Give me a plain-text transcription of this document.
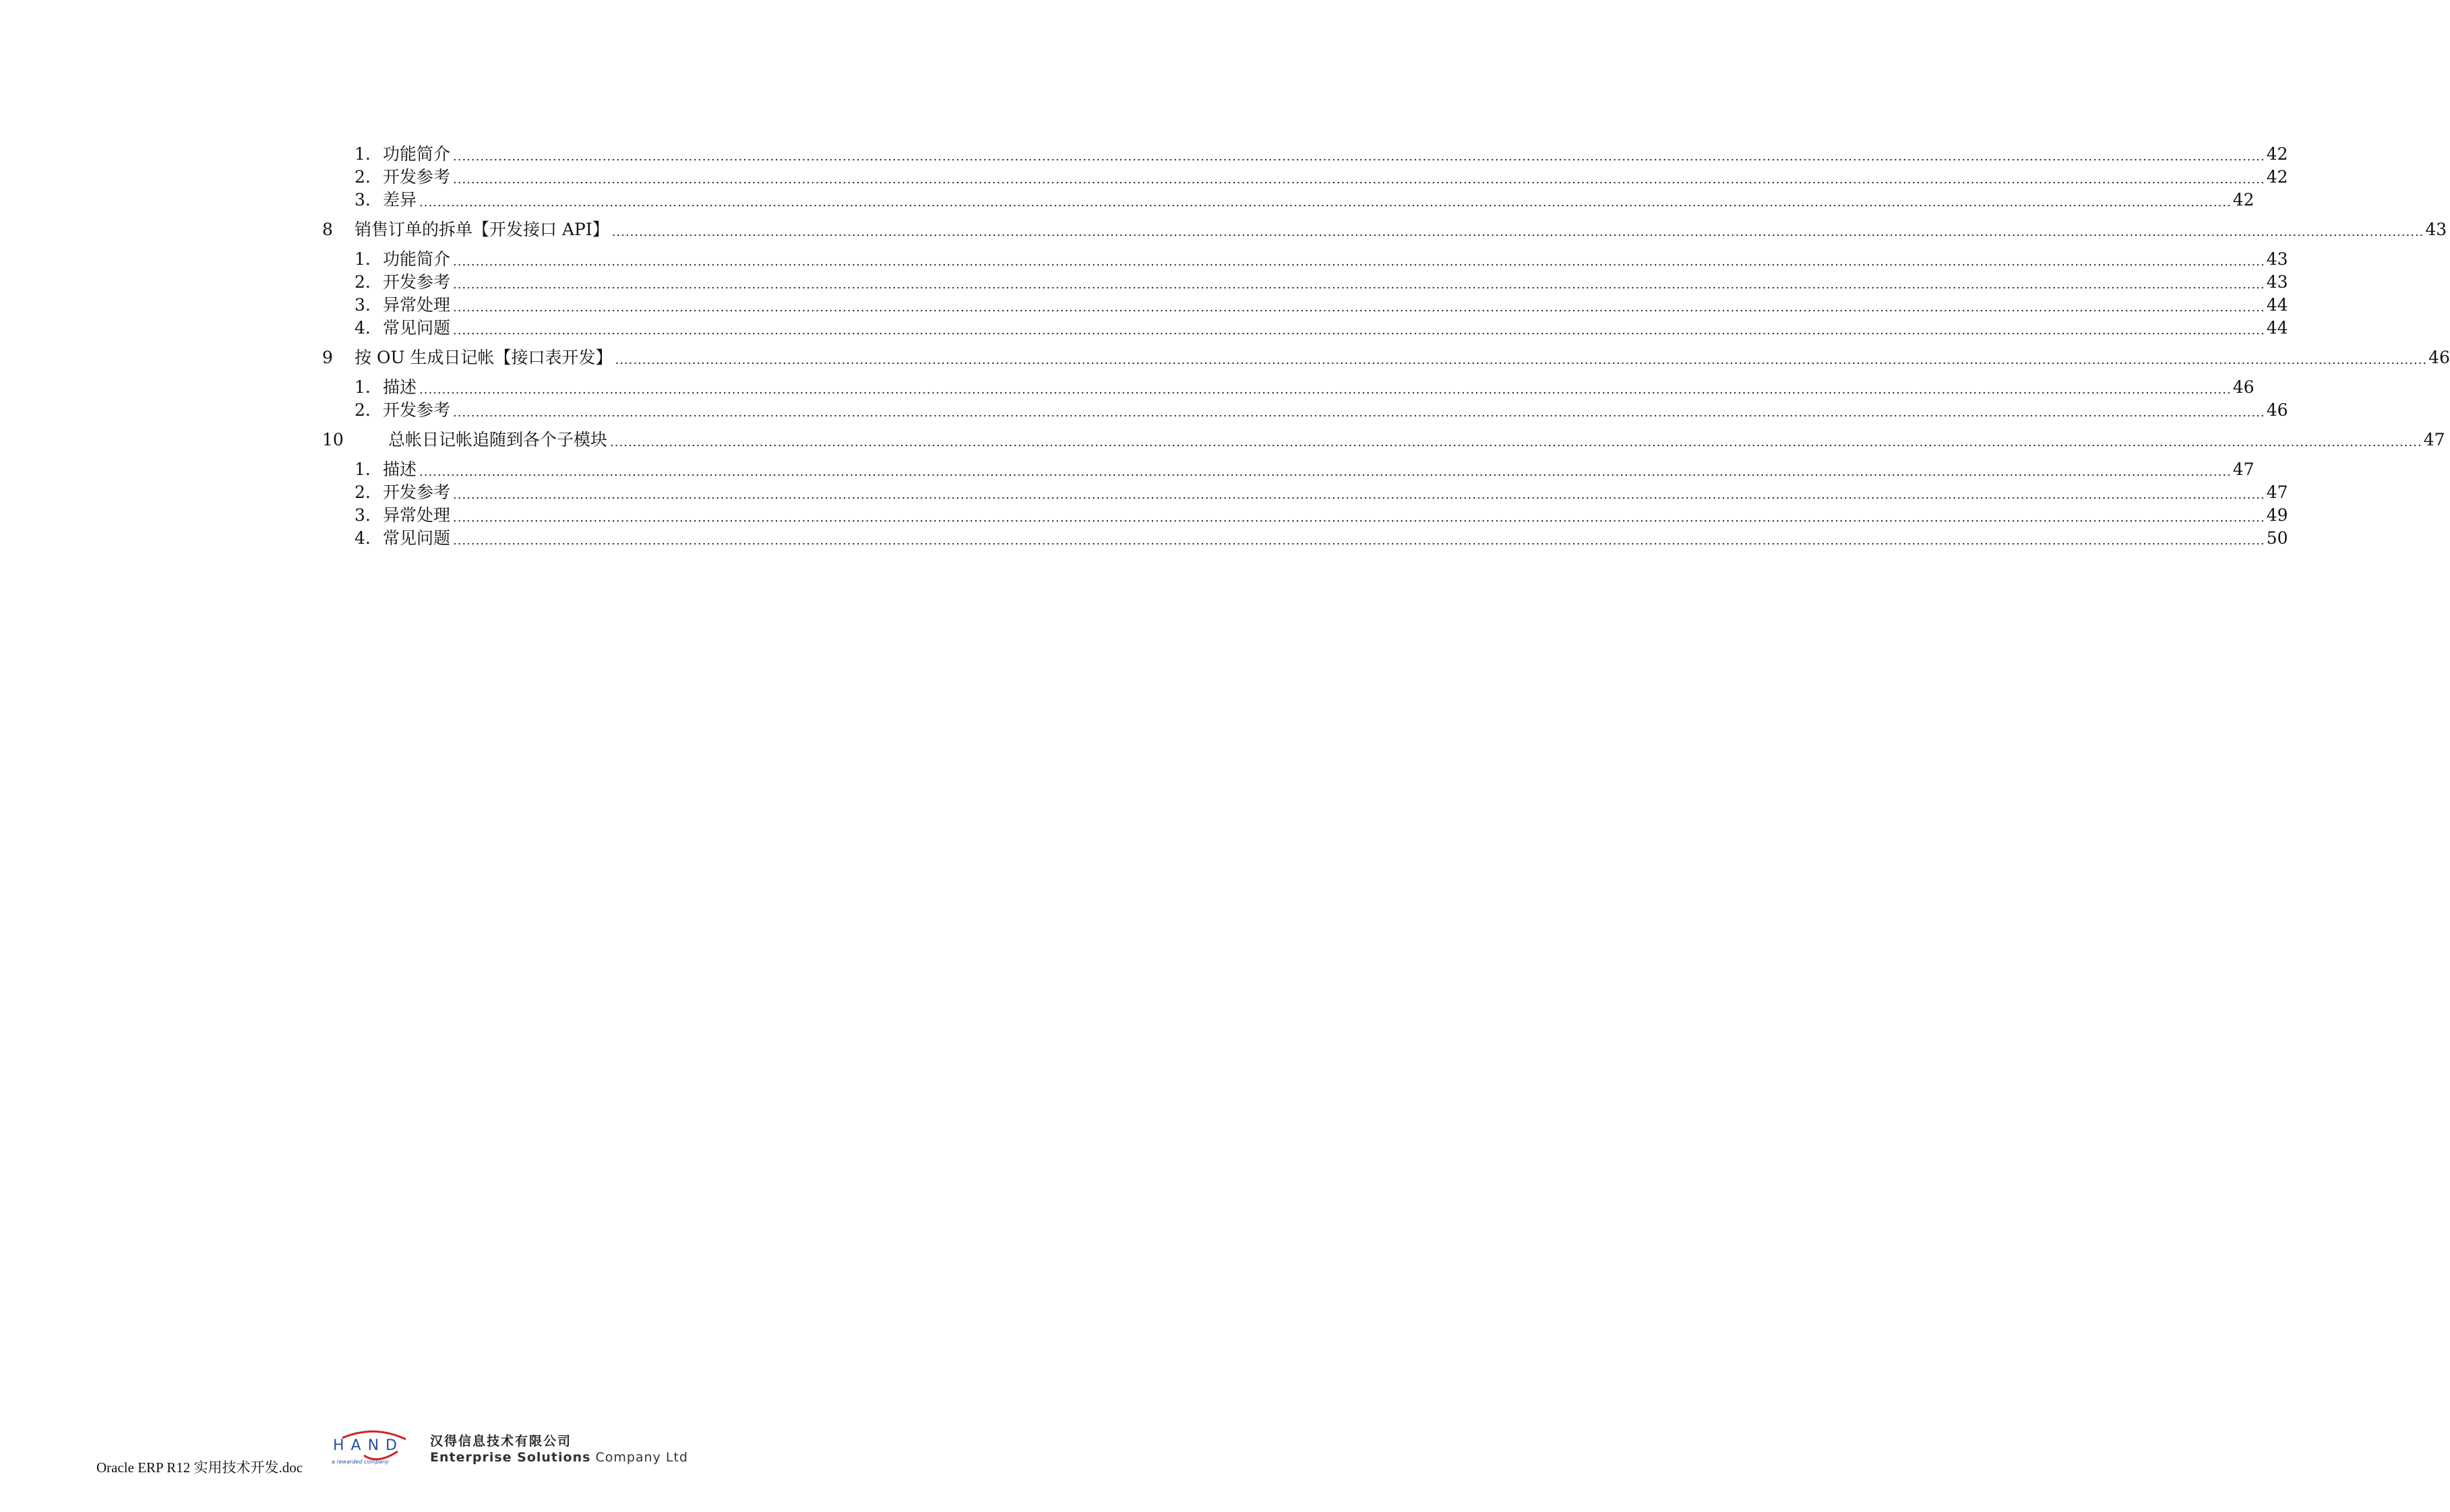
1. 功能简介 ................................................................................................................................................................................................................................................................................................................................................................................................................ 42
2. 开发参考 ................................................................................................................................................................................................................................................................................................................................................................................................................ 42
3. 差异 ................................................................................................................................................................................................................................................................................................................................................................................................................ 42
8 销售订单的拆单【开发接口 API】 ................................................................................................................................................................................................................................................................................................................................................................................................................ 43
1. 功能简介 ................................................................................................................................................................................................................................................................................................................................................................................................................ 43
2. 开发参考 ................................................................................................................................................................................................................................................................................................................................................................................................................ 43
3. 异常处理 ................................................................................................................................................................................................................................................................................................................................................................................................................ 44
4. 常见问题 ................................................................................................................................................................................................................................................................................................................................................................................................................ 44
9 按 OU 生成日记帐【接口表开发】 ................................................................................................................................................................................................................................................................................................................................................................................................................ 46
1. 描述 ................................................................................................................................................................................................................................................................................................................................................................................................................ 46
2. 开发参考 ................................................................................................................................................................................................................................................................................................................................................................................................................ 46
10	总帐日记帐追随到各个子模块 ................................................................................................................................................................................................................................................................................................................................................................................................................ 47
1. 描述 ................................................................................................................................................................................................................................................................................................................................................................................................................ 47
2. 开发参考 ................................................................................................................................................................................................................................................................................................................................................................................................................ 47
3. 异常处理 ................................................................................................................................................................................................................................................................................................................................................................................................................ 49
4. 常见问题 ................................................................................................................................................................................................................................................................................................................................................................................................................ 50
Oracle ERP R12 实用技术开发.doc
HAND
a rewarded company
汉得信息技术有限公司
Enterprise Solutions Company Ltd
